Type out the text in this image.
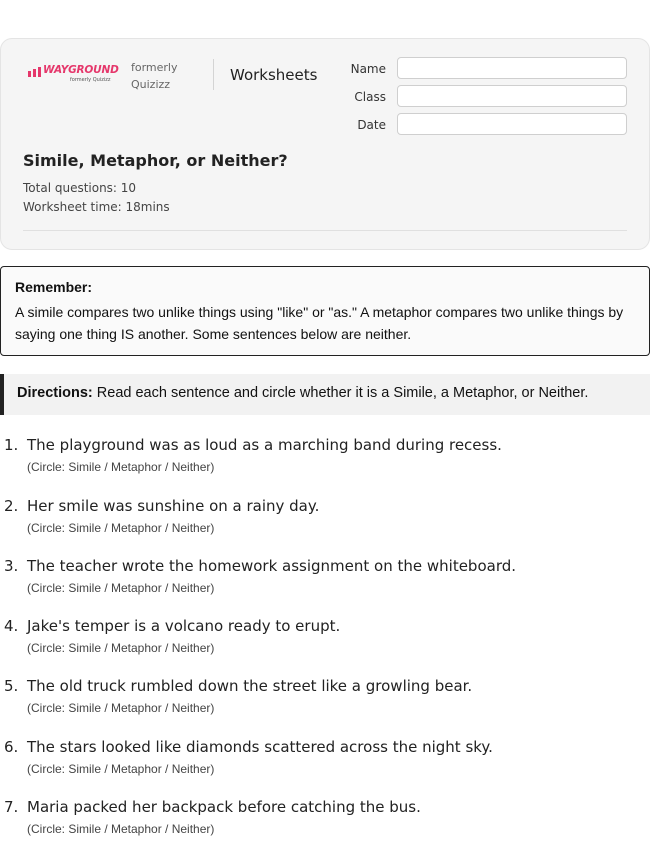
WAYGROUND
formerly Quizizz
formerly
Quizizz
Worksheets	Name
Class
Date
Simile, Metaphor, or Neither?
Total questions: 10
Worksheet time: 18mins
Remember:
A simile compares two unlike things using "like" or "as." A metaphor compares two unlike things by saying one thing IS another. Some sentences below are neither.
Directions: Read each sentence and circle whether it is a Simile, a Metaphor, or Neither.
1. The playground was as loud as a marching band during recess.
(Circle: Simile / Metaphor / Neither)
2. Her smile was sunshine on a rainy day.
(Circle: Simile / Metaphor / Neither)
3. The teacher wrote the homework assignment on the whiteboard.
(Circle: Simile / Metaphor / Neither)
4. Jake's temper is a volcano ready to erupt.
(Circle: Simile / Metaphor / Neither)
5. The old truck rumbled down the street like a growling bear.
(Circle: Simile / Metaphor / Neither)
6. The stars looked like diamonds scattered across the night sky.
(Circle: Simile / Metaphor / Neither)
7. Maria packed her backpack before catching the bus.
(Circle: Simile / Metaphor / Neither)
